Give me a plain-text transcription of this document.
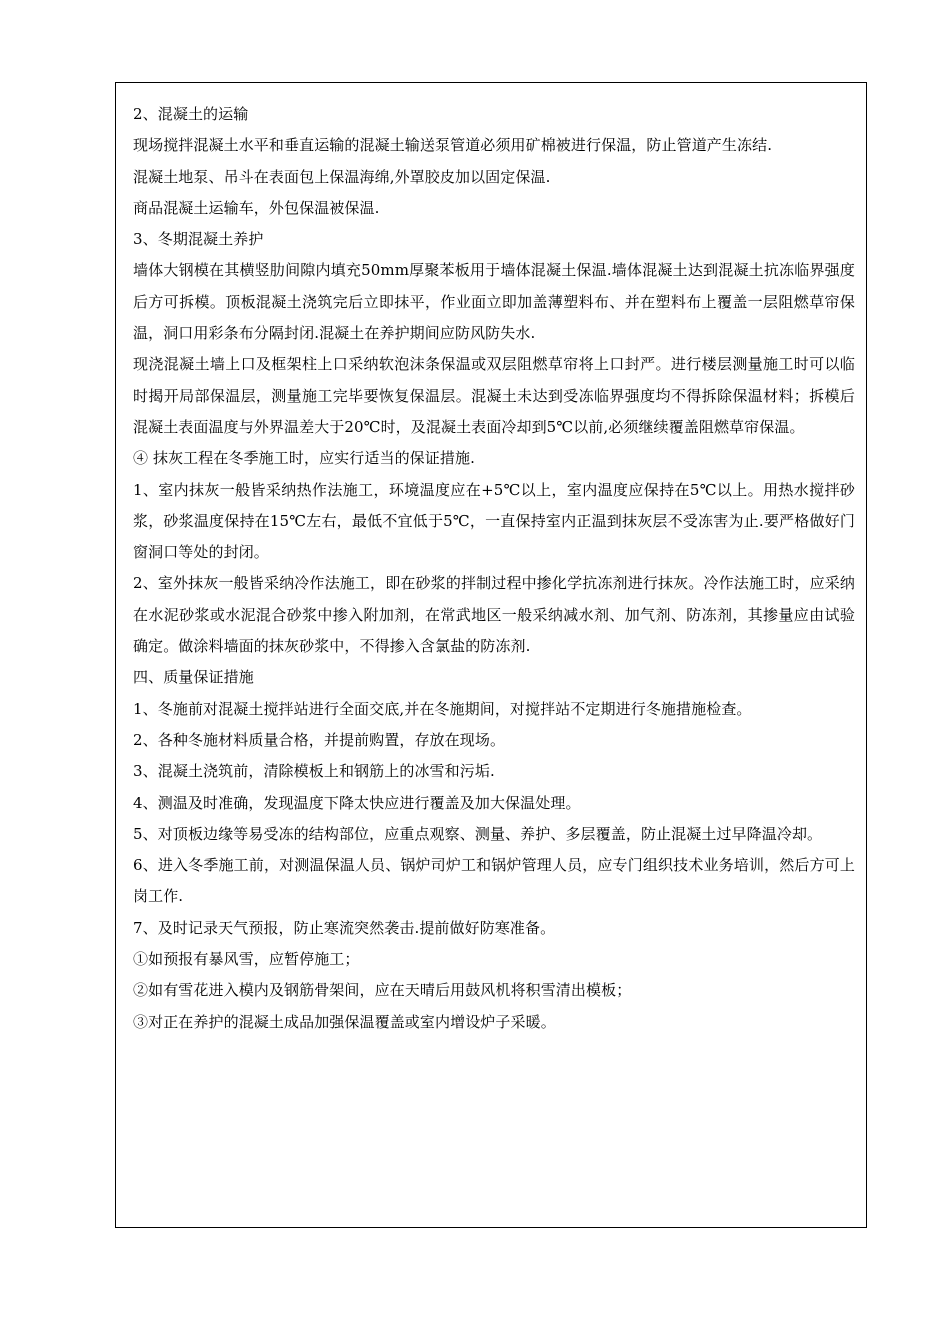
2、混凝土的运输

现场搅拌混凝土水平和垂直运输的混凝土输送泵管道必须用矿棉被进行保温，防止管道产生冻结.

混凝土地泵、吊斗在表面包上保温海绵,外罩胶皮加以固定保温.

商品混凝土运输车，外包保温被保温.

3、冬期混凝土养护

墙体大钢模在其横竖肋间隙内填充50mm厚聚苯板用于墙体混凝土保温.墙体混凝土达到混凝土抗冻临界强度后方可拆模。顶板混凝土浇筑完后立即抹平，作业面立即加盖薄塑料布、并在塑料布上覆盖一层阻燃草帘保温，洞口用彩条布分隔封闭.混凝土在养护期间应防风防失水.

现浇混凝土墙上口及框架柱上口采纳软泡沫条保温或双层阻燃草帘将上口封严。进行楼层测量施工时可以临时揭开局部保温层，测量施工完毕要恢复保温层。混凝土未达到受冻临界强度均不得拆除保温材料；拆模后混凝土表面温度与外界温差大于20℃时，及混凝土表面冷却到5℃以前,必须继续覆盖阻燃草帘保温。

④ 抹灰工程在冬季施工时，应实行适当的保证措施.

1、室内抹灰一般皆采纳热作法施工，环境温度应在+5℃以上，室内温度应保持在5℃以上。用热水搅拌砂浆，砂浆温度保持在15℃左右，最低不宜低于5℃，一直保持室内正温到抹灰层不受冻害为止.要严格做好门窗洞口等处的封闭。

2、室外抹灰一般皆采纳冷作法施工，即在砂浆的拌制过程中掺化学抗冻剂进行抹灰。冷作法施工时，应采纳在水泥砂浆或水泥混合砂浆中掺入附加剂，在常武地区一般采纳减水剂、加气剂、防冻剂，其掺量应由试验确定。做涂料墙面的抹灰砂浆中，不得掺入含氯盐的防冻剂.

四、质量保证措施

1、冬施前对混凝土搅拌站进行全面交底,并在冬施期间，对搅拌站不定期进行冬施措施检查。

2、各种冬施材料质量合格，并提前购置，存放在现场。

3、混凝土浇筑前，清除模板上和钢筋上的冰雪和污垢.

4、测温及时准确，发现温度下降太快应进行覆盖及加大保温处理。

5、对顶板边缘等易受冻的结构部位，应重点观察、测量、养护、多层覆盖，防止混凝土过早降温冷却。

6、进入冬季施工前，对测温保温人员、锅炉司炉工和锅炉管理人员，应专门组织技术业务培训，然后方可上岗工作.

7、及时记录天气预报，防止寒流突然袭击.提前做好防寒准备。

①如预报有暴风雪，应暂停施工；

②如有雪花进入模内及钢筋骨架间，应在天晴后用鼓风机将积雪清出模板；

③对正在养护的混凝土成品加强保温覆盖或室内增设炉子采暖。
